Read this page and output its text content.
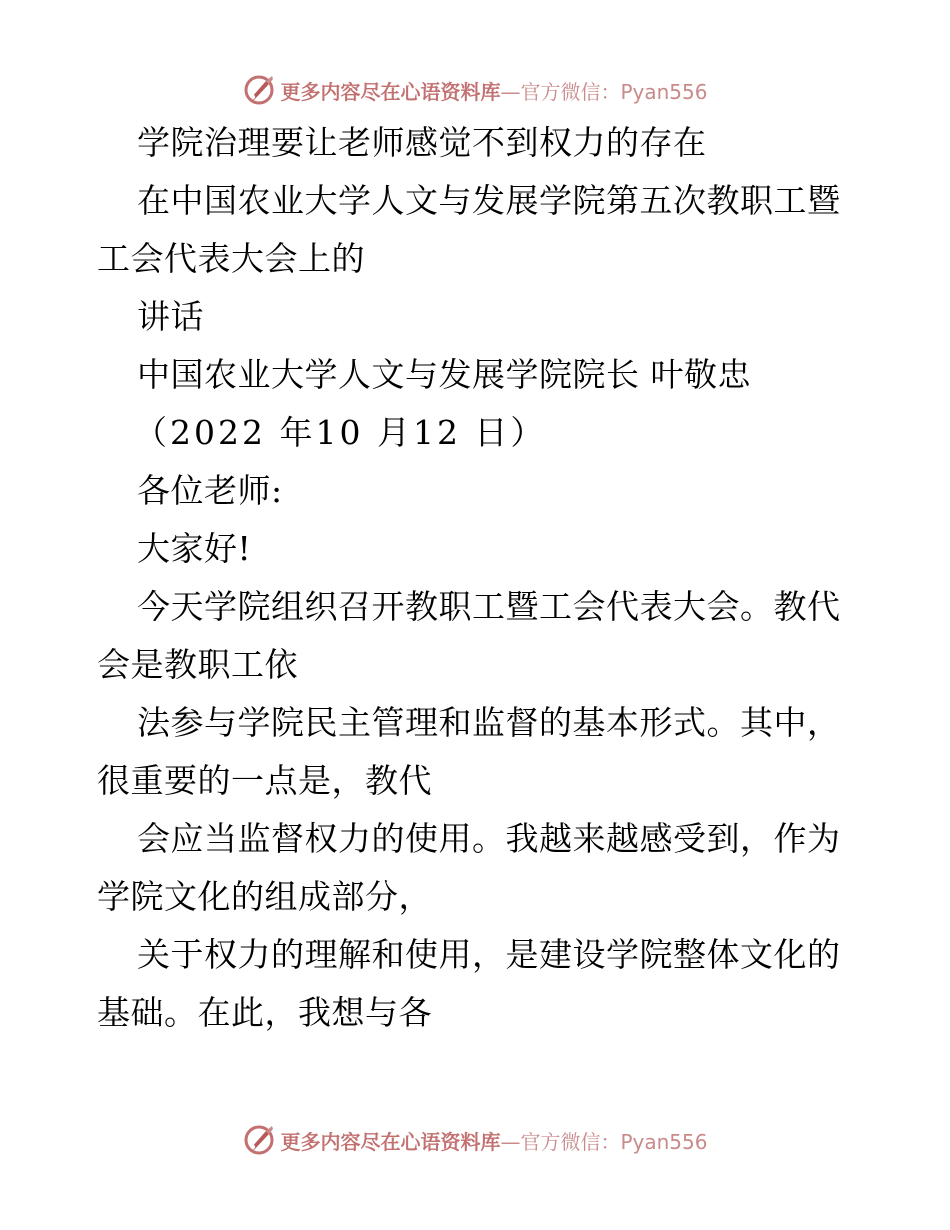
更多内容尽在心语资料库—官方微信：Pyan556
学院治理要让老师感觉不到权力的存在
在中国农业大学人文与发展学院第五次教职工暨
工会代表大会上的
讲话
中国农业大学人文与发展学院院长 叶敬忠
（2022 年10 月12 日）
各位老师:
大家好!
今天学院组织召开教职工暨工会代表大会。教代
会是教职工依
法参与学院民主管理和监督的基本形式。其中，
很重要的一点是，教代
会应当监督权力的使用。我越来越感受到，作为
学院文化的组成部分，
关于权力的理解和使用，是建设学院整体文化的
基础。在此，我想与各
更多内容尽在心语资料库—官方微信：Pyan556
